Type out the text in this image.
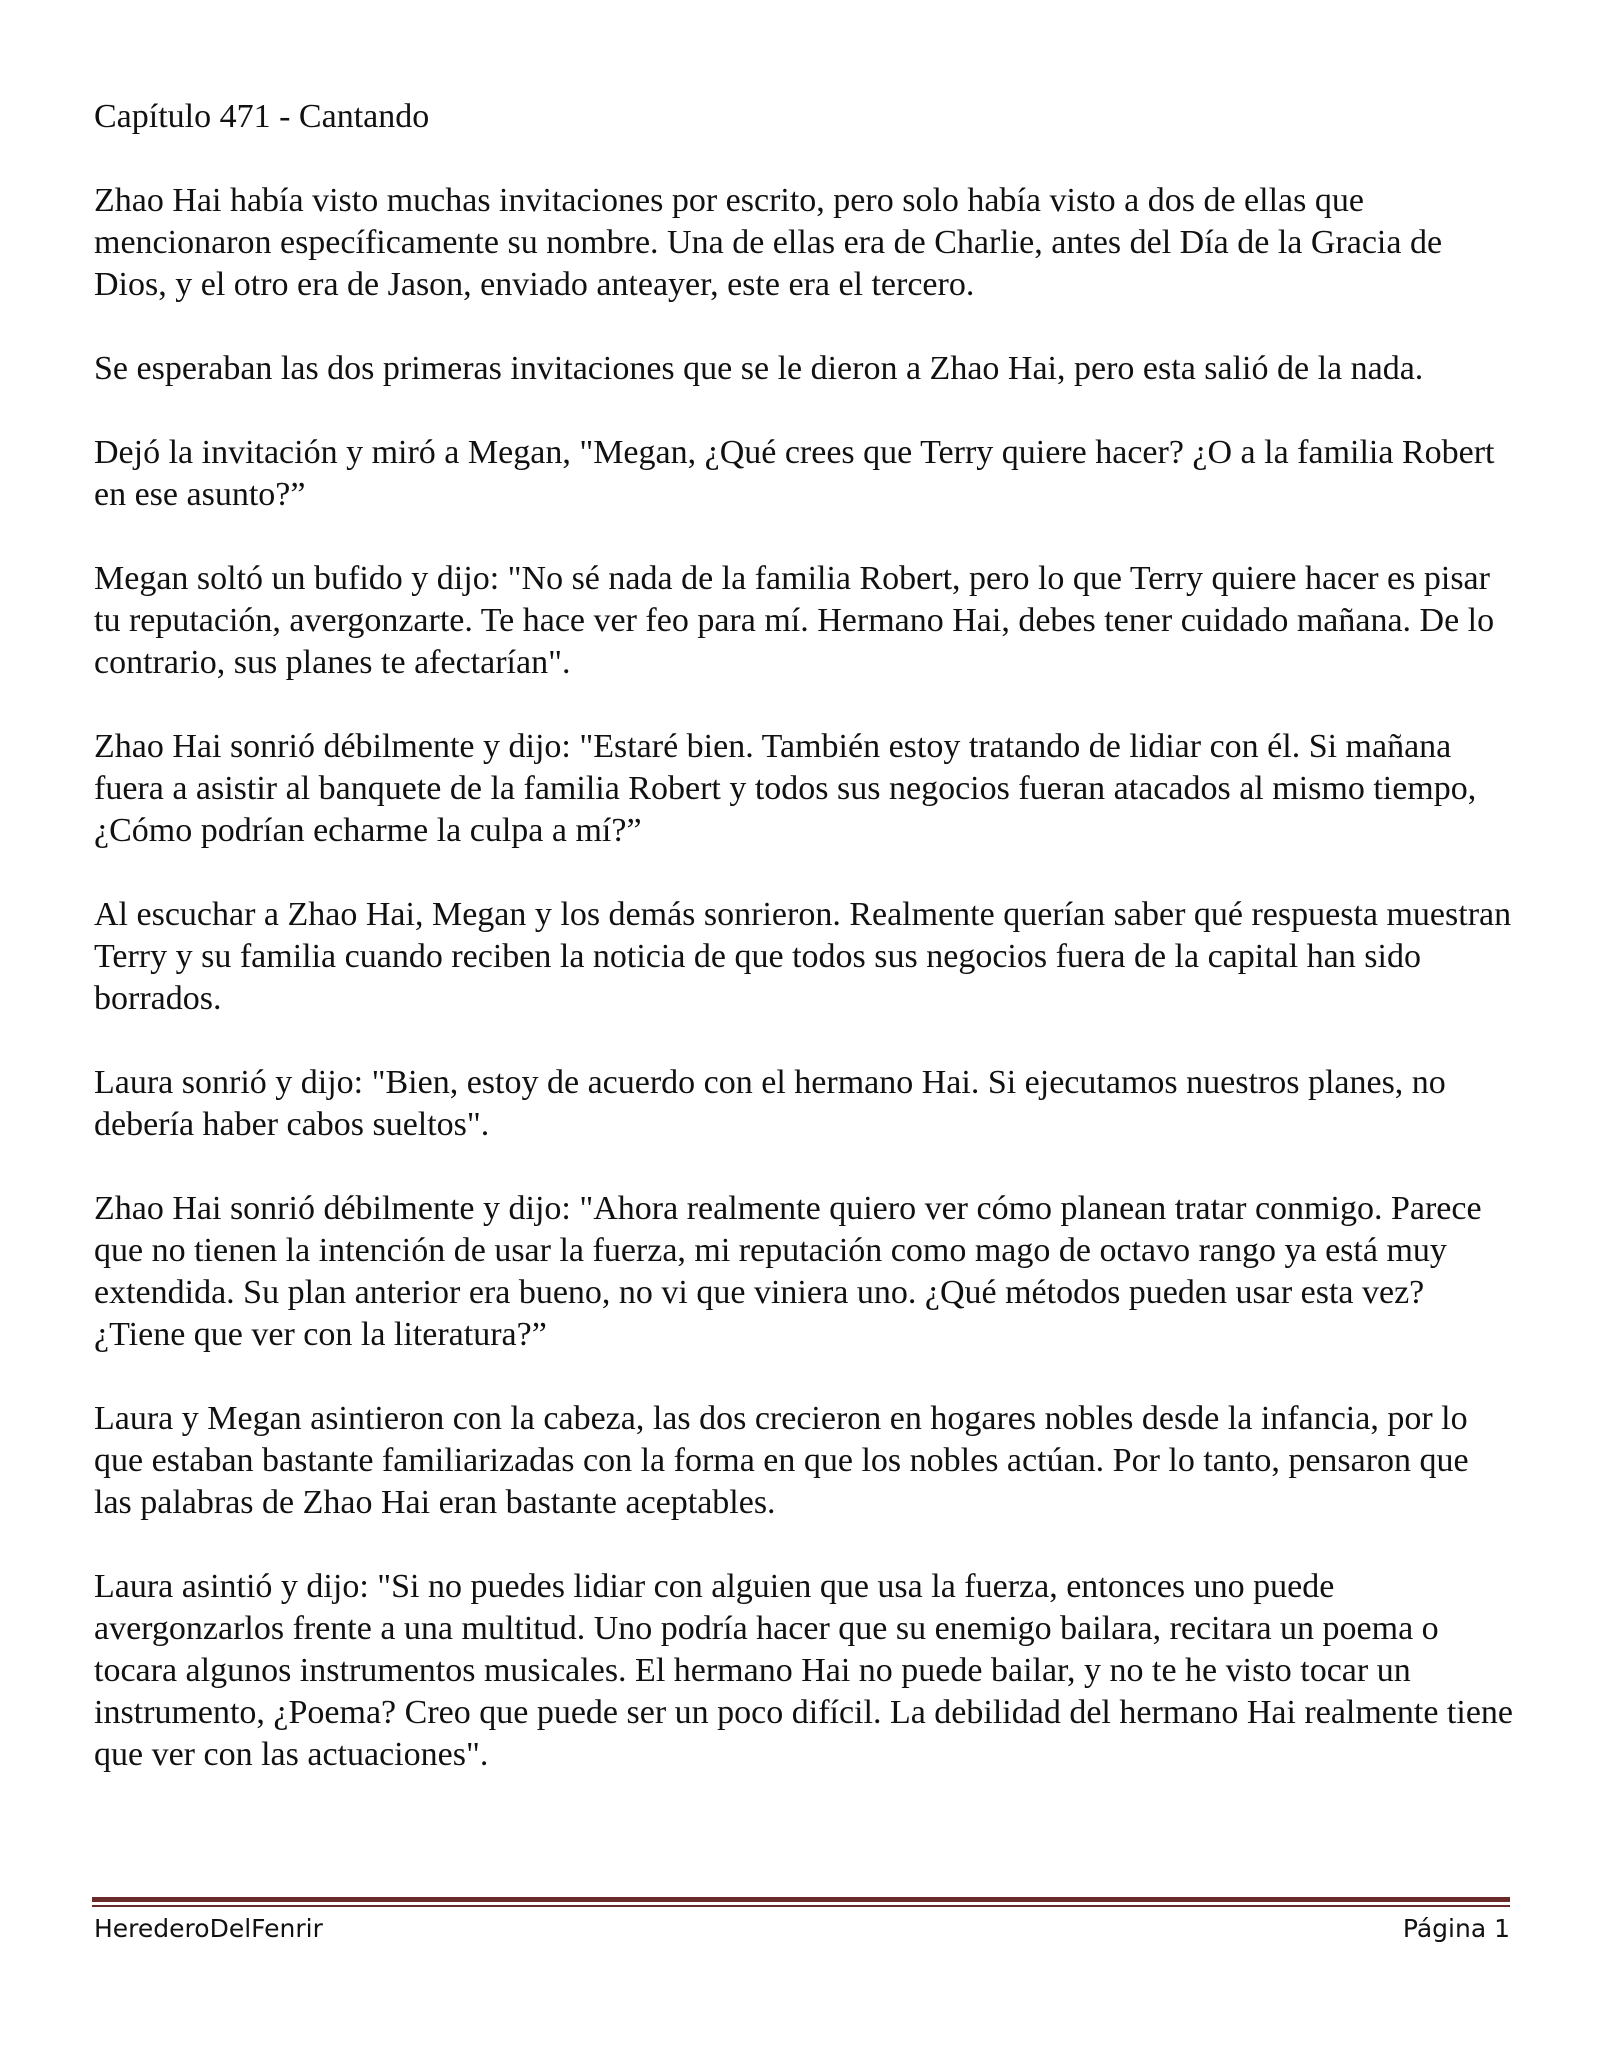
Capítulo 471 - Cantando

Zhao Hai había visto muchas invitaciones por escrito, pero solo había visto a dos de ellas que mencionaron específicamente su nombre. Una de ellas era de Charlie, antes del Día de la Gracia de Dios, y el otro era de Jason, enviado anteayer, este era el tercero.

Se esperaban las dos primeras invitaciones que se le dieron a Zhao Hai, pero esta salió de la nada.

Dejó la invitación y miró a Megan, "Megan, ¿Qué crees que Terry quiere hacer? ¿O a la familia Robert en ese asunto?”

Megan soltó un bufido y dijo: "No sé nada de la familia Robert, pero lo que Terry quiere hacer es pisar tu reputación, avergonzarte. Te hace ver feo para mí. Hermano Hai, debes tener cuidado mañana. De lo contrario, sus planes te afectarían".

Zhao Hai sonrió débilmente y dijo: "Estaré bien. También estoy tratando de lidiar con él. Si mañana fuera a asistir al banquete de la familia Robert y todos sus negocios fueran atacados al mismo tiempo, ¿Cómo podrían echarme la culpa a mí?”

Al escuchar a Zhao Hai, Megan y los demás sonrieron. Realmente querían saber qué respuesta muestran Terry y su familia cuando reciben la noticia de que todos sus negocios fuera de la capital han sido borrados.

Laura sonrió y dijo: "Bien, estoy de acuerdo con el hermano Hai. Si ejecutamos nuestros planes, no debería haber cabos sueltos".

Zhao Hai sonrió débilmente y dijo: "Ahora realmente quiero ver cómo planean tratar conmigo. Parece que no tienen la intención de usar la fuerza, mi reputación como mago de octavo rango ya está muy extendida. Su plan anterior era bueno, no vi que viniera uno. ¿Qué métodos pueden usar esta vez? ¿Tiene que ver con la literatura?”

Laura y Megan asintieron con la cabeza, las dos crecieron en hogares nobles desde la infancia, por lo que estaban bastante familiarizadas con la forma en que los nobles actúan. Por lo tanto, pensaron que las palabras de Zhao Hai eran bastante aceptables.

Laura asintió y dijo: "Si no puedes lidiar con alguien que usa la fuerza, entonces uno puede avergonzarlos frente a una multitud. Uno podría hacer que su enemigo bailara, recitara un poema o tocara algunos instrumentos musicales. El hermano Hai no puede bailar, y no te he visto tocar un instrumento, ¿Poema? Creo que puede ser un poco difícil. La debilidad del hermano Hai realmente tiene que ver con las actuaciones".

HerederoDelFenrir	Página 1
